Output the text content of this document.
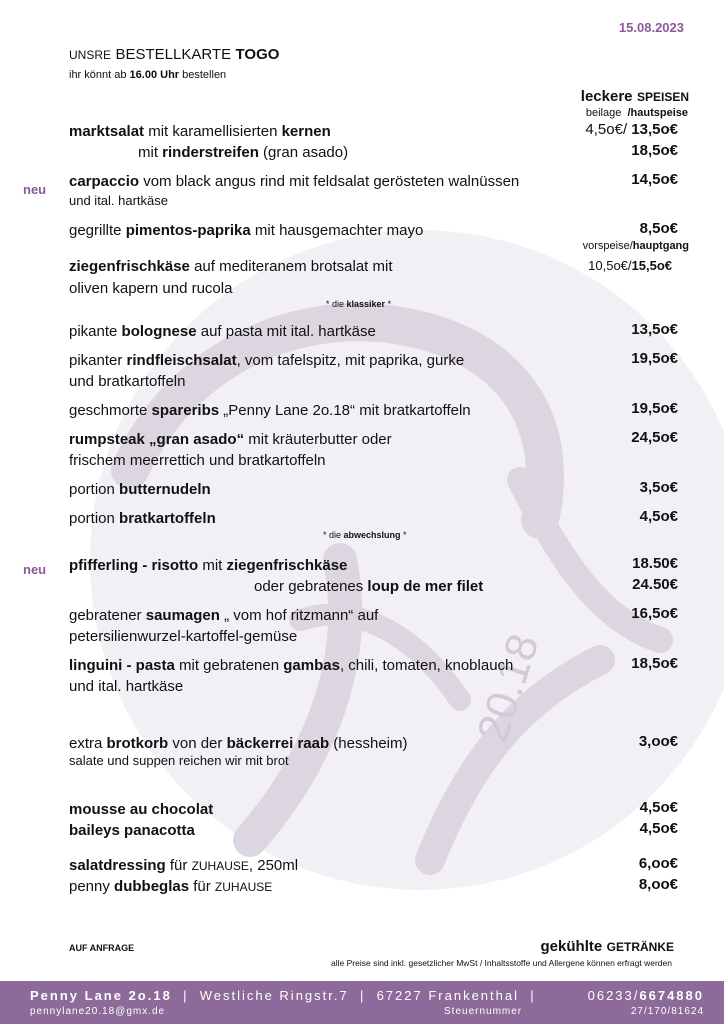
20.18
15.08.2023
UNSRE BESTELLKARTE TOGO
ihr könnt ab 16.00 Uhr bestellen
leckere SPEISEN
beilage /hautspeise
marktsalat mit karamellisierten kernen	4,5o€/ 13,5o€
mit rinderstreifen (gran asado)	18,5o€
neu carpaccio vom black angus rind mit feldsalat gerösteten walnüssen
und ital. hartkäse
14,5o€
gegrillte pimentos-paprika mit hausgemachter mayo	8,5o€
vorspeise/hauptgang
ziegenfrischkäse auf mediteranem brotsalat mit
oliven kapern und rucola
10,5o€/15,5o€
* die klassiker *
pikante bolognese auf pasta mit ital. hartkäse	13,5o€
pikanter rindfleischsalat, vom tafelspitz, mit paprika, gurke
und bratkartoffeln
19,5o€
geschmorte spareribs „Penny Lane 2o.18“ mit bratkartoffeln	19,5o€
rumpsteak „gran asado“ mit kräuterbutter oder
frischem meerrettich und bratkartoffeln
24,5o€
portion butternudeln	3,5o€
portion bratkartoffeln	4,5o€
* die abwechslung *
neu pfifferling - risotto mit ziegenfrischkäse	18.50€
oder gebratenes loup de mer filet	24.50€
gebratener saumagen „ vom hof ritzmann“ auf
petersilienwurzel-kartoffel-gemüse
16,5o€
linguini - pasta mit gebratenen gambas, chili, tomaten, knoblauch
und ital. hartkäse
18,5o€
extra brotkorb von der bäckerrei raab (hessheim)
salate und suppen reichen wir mit brot
3,oo€
mousse au chocolat	4,5o€
baileys panacotta	4,5o€
salatdressing für ZUHAUSE, 250ml	6,oo€
penny dubbeglas für ZUHAUSE	8,oo€
AUF ANFRAGE	gekühlte GETRÄNKE
alle Preise sind inkl. gesetzlicher MwSt / Inhaltsstoffe und Allergene können erfragt werden
Penny Lane 2o.18 | Westliche Ringstr.7 | 67227 Frankenthal |	06233/6674880
pennylane20.18@gmx.de	Steuernummer	27/170/81624
